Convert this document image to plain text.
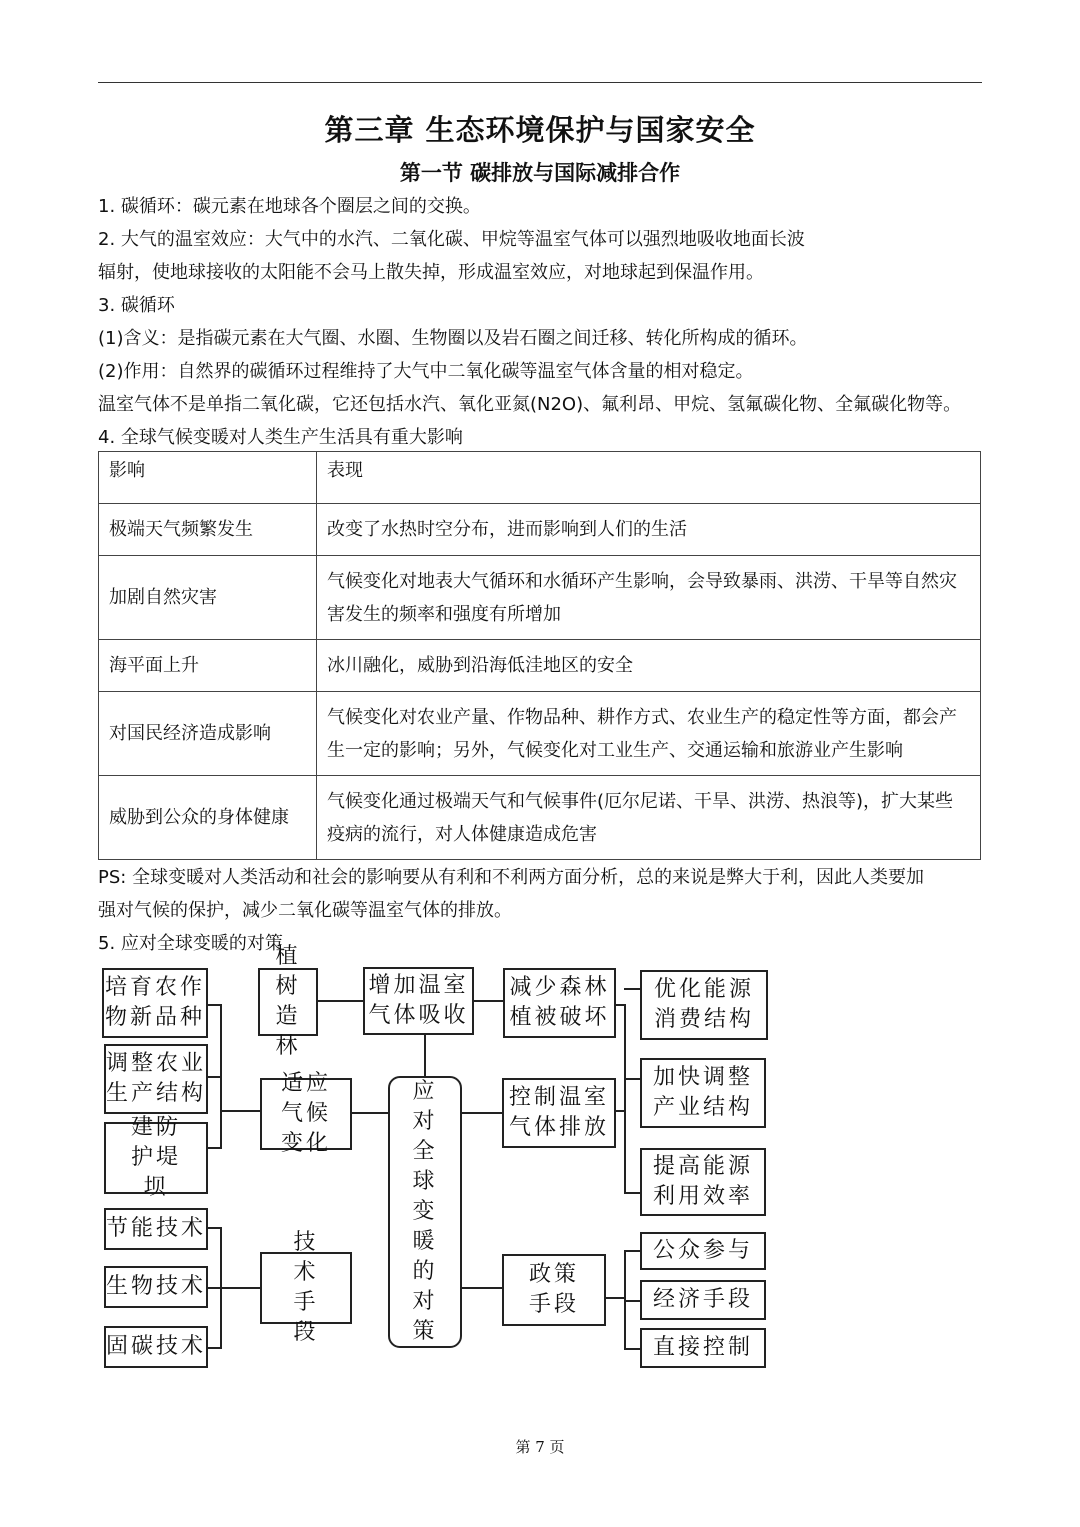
第三章 生态环境保护与国家安全
第一节 碳排放与国际减排合作
1. 碳循环：碳元素在地球各个圈层之间的交换。
2. 大气的温室效应：大气中的水汽、二氧化碳、甲烷等温室气体可以强烈地吸收地面长波
辐射，使地球接收的太阳能不会马上散失掉，形成温室效应，对地球起到保温作用。
3. 碳循环
(1)含义：是指碳元素在大气圈、水圈、生物圈以及岩石圈之间迁移、转化所构成的循环。
(2)作用：自然界的碳循环过程维持了大气中二氧化碳等温室气体含量的相对稳定。
温室气体不是单指二氧化碳，它还包括水汽、氧化亚氮(N2O)、氟利昂、甲烷、氢氟碳化物、全氟碳化物等。
4. 全球气候变暖对人类生产生活具有重大影响
影响	表现
极端天气频繁发生	改变了水热时空分布，进而影响到人们的生活
加剧自然灾害	气候变化对地表大气循环和水循环产生影响，会导致暴雨、洪涝、干旱等自然灾害发生的频率和强度有所增加
海平面上升	冰川融化，威胁到沿海低洼地区的安全
对国民经济造成影响	气候变化对农业产量、作物品种、耕作方式、农业生产的稳定性等方面，都会产生一定的影响；另外，气候变化对工业生产、交通运输和旅游业产生影响
威胁到公众的身体健康	气候变化通过极端天气和气候事件(厄尔尼诺、干旱、洪涝、热浪等)，扩大某些疫病的流行，对人体健康造成危害
PS: 全球变暖对人类活动和社会的影响要从有利和不利两方面分析，总的来说是弊大于利，因此人类要加
强对气候的保护，减少二氧化碳等温室气体的排放。
5. 应对全球变暖的对策
培育农作物新品种
调整农业生产结构
建防护堤坝
适应气候变化
植树造林
增加温室气体吸收
减少森林植被破坏
控制温室气体排放
优化能源消费结构
加快调整产业结构
提高能源利用效率
应对全球变暖的对策
节能技术
生物技术
固碳技术
技术手段
政策手段
公众参与
经济手段
直接控制
第 7 页
